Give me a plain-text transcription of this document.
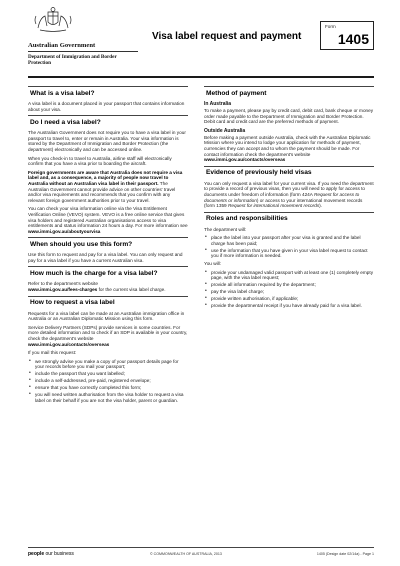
Australian Government
Department of Immigration and Border Protection
Visa label request and payment
Form
1405
What is a visa label?

A visa label is a document placed in your passport that contains information about your visa.

Do I need a visa label?

The Australian Government does not require you to have a visa label in your passport to travel to, enter or remain in Australia. Your visa information is stored by the Department of Immigration and Border Protection (the department) electronically and can be accessed online.

When you check-in to travel to Australia, airline staff will electronically confirm that you have a visa prior to boarding the aircraft.

Foreign governments are aware that Australia does not require a visa label and, as a consequence, a majority of people now travel to Australia without an Australian visa label in their passport. The Australian Government cannot provide advice on other countries' travel and/or visa requirements and recommends that you confirm with any relevant foreign government authorities prior to your travel.

You can check your visa information online via the Visa Entitlement Verification Online (VEVO) system. VEVO is a free online service that gives visa holders and registered Australian organisations access to visa entitlements and status information 24 hours a day. For more information see
www.immi.gov.au/aboutyourvisa

When should you use this form?

Use this form to request and pay for a visa label. You can only request and pay for a visa label if you have a current Australian visa.

How much is the charge for a visa label?

Refer to the department's website
www.immi.gov.au/fees-charges for the current visa label charge.

How to request a visa label

Requests for a visa label can be made at an Australian immigration office in Australia or an Australian Diplomatic Mission using this form.

Service Delivery Partners (SDPs) provide services in some countries. For more detailed information and to check if an SDP is available in your country, check the department's website
www.immi.gov.au/contacts/overseas

If you mail this request:

• we strongly advise you make a copy of your passport details page for your records before you mail your passport;
• include the passport that you want labelled;
• include a self-addressed, pre-paid, registered envelope;
• ensure that you have correctly completed this form;
• you will need written authorisation from the visa holder to request a visa label on their behalf if you are not the visa holder, parent or guardian.
Method of payment
In Australia

To make a payment, please pay by credit card, debit card, bank cheque or money order made payable to the Department of Immigration and Border Protection. Debit card and credit card are the preferred methods of payment.

Outside Australia

Before making a payment outside Australia, check with the Australian Diplomatic Mission where you intend to lodge your application for methods of payment, currencies they can accept and to whom the payment should be made. For contact information check the department's website
www.immi.gov.au/contacts/overseas

Evidence of previously held visas

You can only request a visa label for your current visa. If you need the department to provide a record of previous visas, then you will need to apply for access to documents under freedom of information (form 424A Request for access to documents or information) or access to your international movement records (form 1359 Request for international movement records).

Roles and responsibilities

The department will:

• place the label into your passport after your visa is granted and the label charge has been paid;
• use the information that you have given in your visa label request to contact you if more information is needed.

You will:

• provide your undamaged valid passport with at least one (1) completely empty page, with the visa label request;
• provide all information required by the department;
• pay the visa label charge;
• provide written authorisation, if applicable;
• provide the departmental receipt if you have already paid for a visa label.
people our business	© COMMONWEALTH OF AUSTRALIA, 2013	1405 (Design date 02/14a) - Page 1
